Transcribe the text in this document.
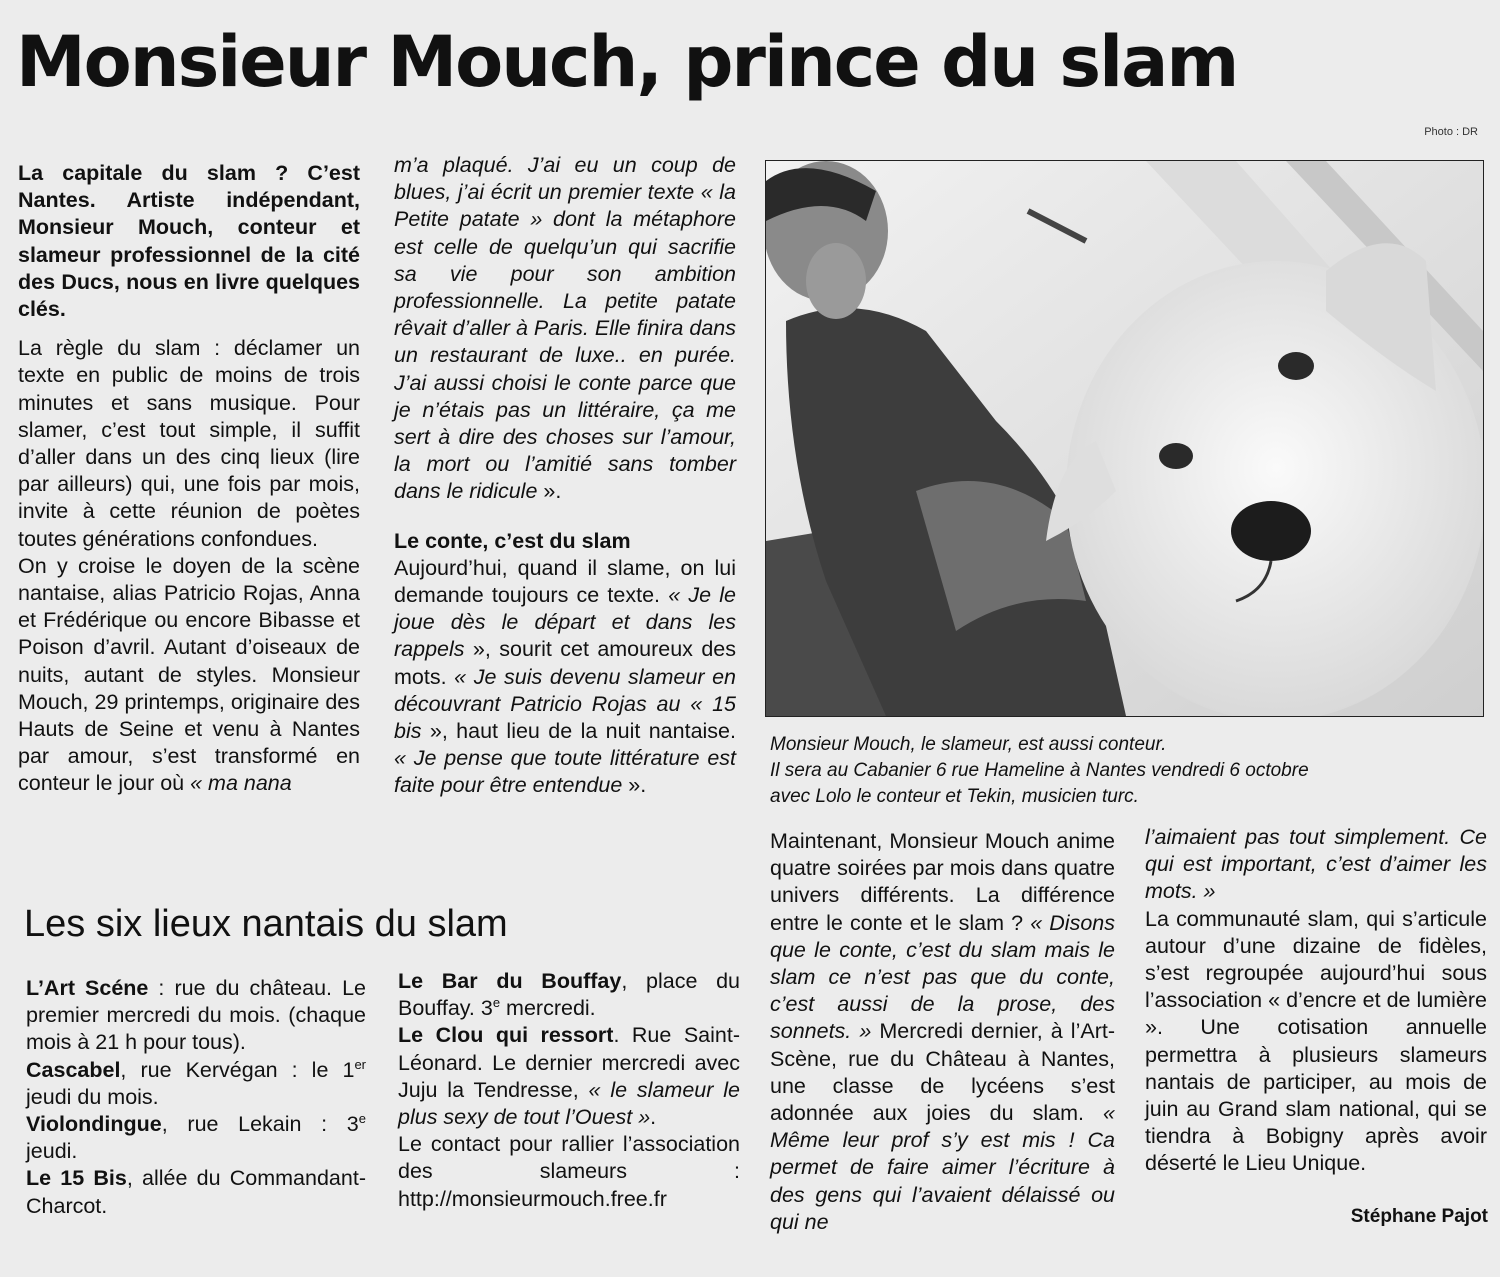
Monsieur Mouch, prince du slam
Photo : DR

La capitale du slam ? C’est Nantes. Artiste indépendant, Monsieur Mouch, conteur et slameur professionnel de la cité des Ducs, nous en livre quelques clés.

La règle du slam : déclamer un texte en public de moins de trois minutes et sans musique. Pour slamer, c’est tout simple, il suffit d’aller dans un des cinq lieux (lire par ailleurs) qui, une fois par mois, invite à cette réunion de poètes toutes générations confondues.

On y croise le doyen de la scène nantaise, alias Patricio Rojas, Anna et Frédérique ou encore Bibasse et Poison d’avril. Autant d’oiseaux de nuits, autant de styles. Monsieur Mouch, 29 printemps, originaire des Hauts de Seine et venu à Nantes par amour, s’est transformé en conteur le jour où « ma nana

m’a plaqué. J’ai eu un coup de blues, j’ai écrit un premier texte « la Petite patate » dont la métaphore est celle de quelqu’un qui sacrifie sa vie pour son ambition professionnelle. La petite patate rêvait d’aller à Paris. Elle finira dans un restaurant de luxe.. en purée. J’ai aussi choisi le conte parce que je n’étais pas un littéraire, ça me sert à dire des choses sur l’amour, la mort ou l’amitié sans tomber dans le ridicule ».

Le conte, c’est du slam

Aujourd’hui, quand il slame, on lui demande toujours ce texte. « Je le joue dès le départ et dans les rappels », sourit cet amoureux des mots. « Je suis devenu slameur en découvrant Patricio Rojas au « 15 bis », haut lieu de la nuit nantaise. « Je pense que toute littérature est faite pour être entendue ».

Monsieur Mouch, le slameur, est aussi conteur.
Il sera au Cabanier 6 rue Hameline à Nantes vendredi 6 octobre
avec Lolo le conteur et Tekin, musicien turc.

Maintenant, Monsieur Mouch anime quatre soirées par mois dans quatre univers différents. La différence entre le conte et le slam ? « Disons que le conte, c’est du slam mais le slam ce n’est pas que du conte, c’est aussi de la prose, des sonnets. » Mercredi dernier, à l’Art-Scène, rue du Château à Nantes, une classe de lycéens s’est adonnée aux joies du slam. « Même leur prof s’y est mis ! Ca permet de faire aimer l’écriture à des gens qui l’avaient délaissé ou qui ne

l’aimaient pas tout simplement. Ce qui est important, c’est d’aimer les mots. »

La communauté slam, qui s’articule autour d’une dizaine de fidèles, s’est regroupée aujourd’hui sous l’association « d’encre et de lumière ». Une cotisation annuelle permettra à plusieurs slameurs nantais de participer, au mois de juin au Grand slam national, qui se tiendra à Bobigny après avoir déserté le Lieu Unique.

Stéphane Pajot
Les six lieux nantais du slam

L’Art Scéne : rue du château. Le premier mercredi du mois. (chaque mois à 21 h pour tous).

Cascabel, rue Kervégan : le 1er jeudi du mois.

Violondingue, rue Lekain : 3e jeudi.

Le 15 Bis, allée du Commandant-Charcot.

Le Bar du Bouffay, place du Bouffay. 3e mercredi.

Le Clou qui ressort. Rue Saint-Léonard. Le dernier mercredi avec Juju la Tendresse, « le slameur le plus sexy de tout l’Ouest ».

Le contact pour rallier l’association des slameurs : http://monsieurmouch.free.fr
